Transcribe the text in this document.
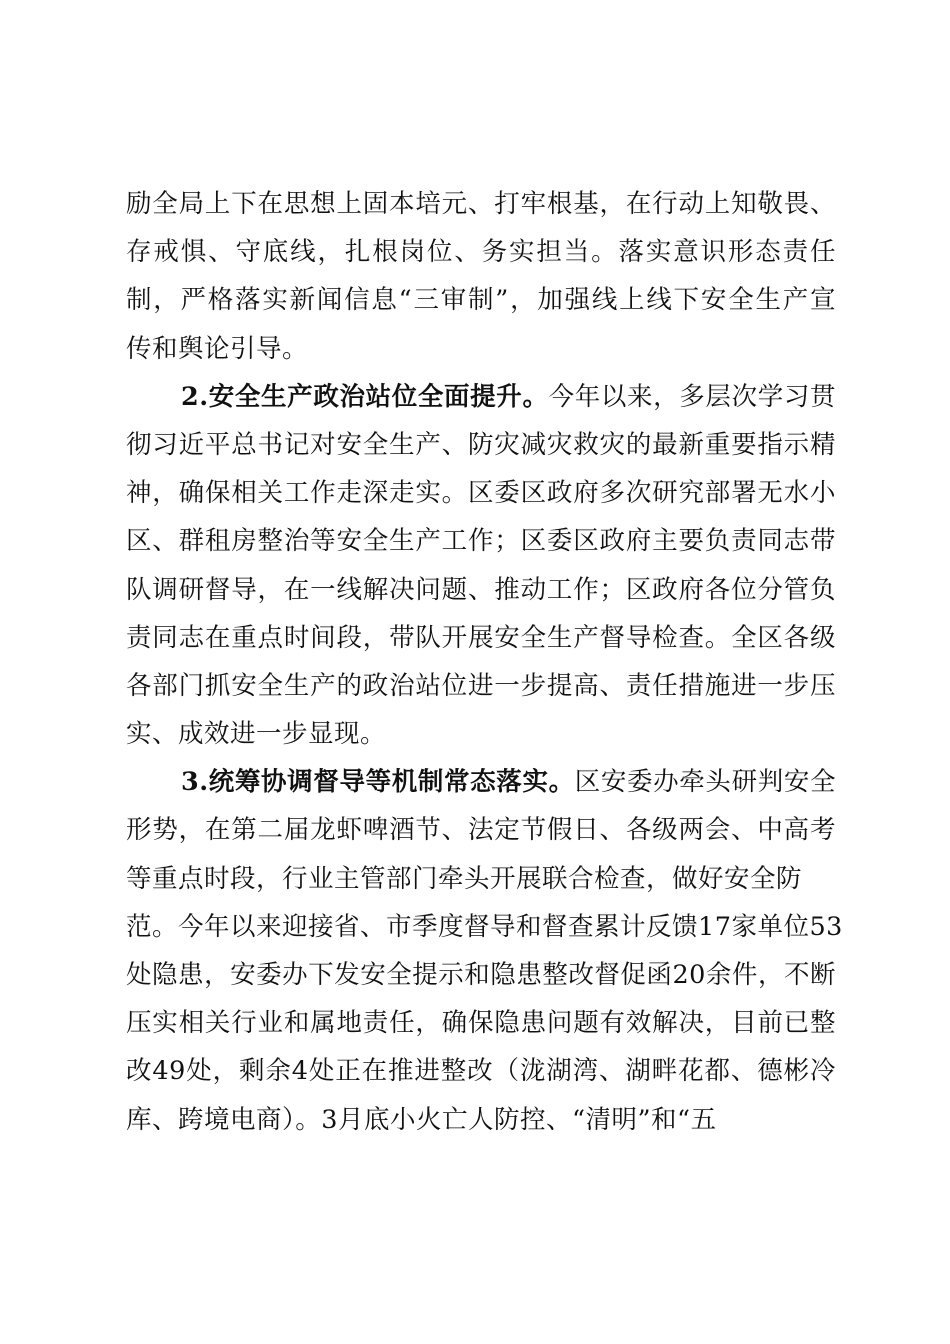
励全局上下在思想上固本培元、打牢根基，在行动上知敬畏、
存戒惧、守底线，扎根岗位、务实担当。落实意识形态责任
制，严格落实新闻信息“三审制”，加强线上线下安全生产宣
传和舆论引导。
2.安全生产政治站位全面提升。今年以来，多层次学习贯
彻习近平总书记对安全生产、防灾减灾救灾的最新重要指示精
神，确保相关工作走深走实。区委区政府多次研究部署无水小
区、群租房整治等安全生产工作；区委区政府主要负责同志带
队调研督导，在一线解决问题、推动工作；区政府各位分管负
责同志在重点时间段，带队开展安全生产督导检查。全区各级
各部门抓安全生产的政治站位进一步提高、责任措施进一步压
实、成效进一步显现。
3.统筹协调督导等机制常态落实。区安委办牵头研判安全
形势，在第二届龙虾啤酒节、法定节假日、各级两会、中高考
等重点时段，行业主管部门牵头开展联合检查，做好安全防
范。今年以来迎接省、市季度督导和督查累计反馈17家单位53
处隐患，安委办下发安全提示和隐患整改督促函20余件，不断
压实相关行业和属地责任，确保隐患问题有效解决，目前已整
改49处，剩余4处正在推进整改（泷湖湾、湖畔花都、德彬冷
库、跨境电商）。3月底小火亡人防控、“清明”和“五
